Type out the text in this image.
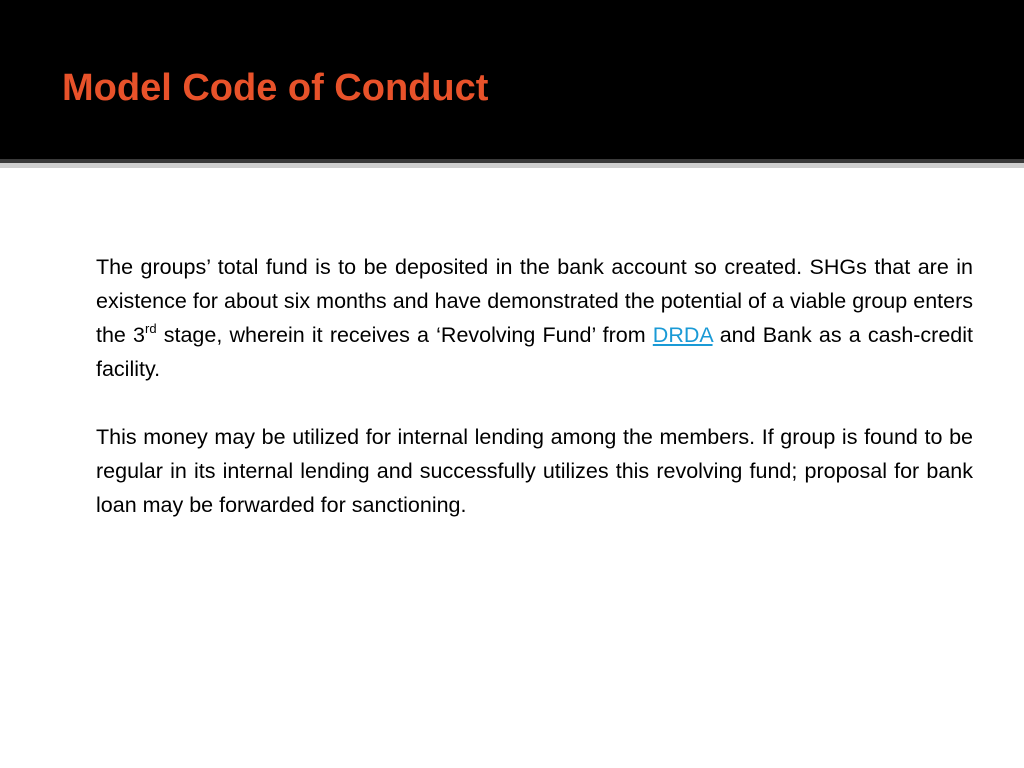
Model Code of Conduct

The groups’ total fund is to be deposited in the bank account so created. SHGs that are in existence for about six months and have demonstrated the potential of a viable group enters the 3rd stage, wherein it receives a ‘Revolving Fund’ from DRDA and Bank as a cash-credit facility.

This money may be utilized for internal lending among the members. If group is found to be regular in its internal lending and successfully utilizes this revolving fund; proposal for bank loan may be forwarded for sanctioning.
